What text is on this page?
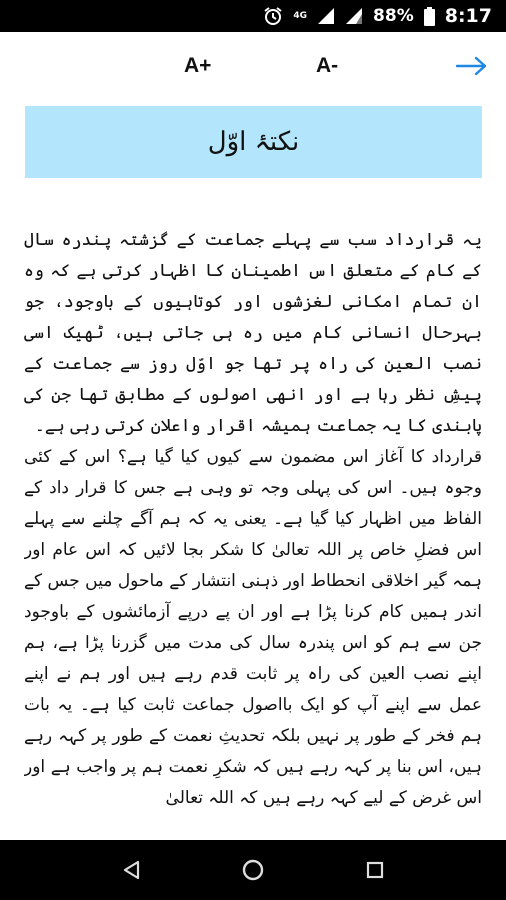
4G	88% 8:17
A+	A-
نکتۂ اوّل

یہ قرارداد سب سے پہلے جماعت کے گزشتہ پندرہ سال کے کام کے متعلق اس اطمینان کا اظہار کرتی ہے کہ وہ ان تمام امکانی لغزشوں اور کوتاہیوں کے باوجود، جو بہرحال انسانی کام میں رہ ہی جاتی ہیں، ٹھیک اسی نصب العین کی راہ پر تھا جو اوّل روز سے جماعت کے پیشِ نظر رہا ہے اور انھی اصولوں کے مطابق تھا جن کی پابندی کا یہ جماعت ہمیشہ اقرار واعلان کرتی رہی ہے۔

قرارداد کا آغاز اس مضمون سے کیوں کیا گیا ہے؟ اس کے کئی وجوہ ہیں۔ اس کی پہلی وجہ تو وہی ہے جس کا قرار داد کے الفاظ میں اظہار کیا گیا ہے۔ یعنی یہ کہ ہم آگے چلنے سے پہلے اس فضلِ خاص پر اللہ تعالیٰ کا شکر بجا لائیں کہ اس عام اور ہمہ گیر اخلاقی انحطاط اور ذہنی انتشار کے ماحول میں جس کے اندر ہمیں کام کرنا پڑا ہے اور ان پے درپے آزمائشوں کے باوجود جن سے ہم کو اس پندرہ سال کی مدت میں گزرنا پڑا ہے، ہم اپنے نصب العین کی راہ پر ثابت قدم رہے ہیں اور ہم نے اپنے عمل سے اپنے آپ کو ایک بااصول جماعت ثابت کیا ہے۔ یہ بات ہم فخر کے طور پر نہیں بلکہ تحدیثِ نعمت کے طور پر کہہ رہے ہیں، اس بنا پر کہہ رہے ہیں کہ شکرِ نعمت ہم پر واجب ہے اور اس غرض کے لیے کہہ رہے ہیں کہ اللہ تعالیٰ
